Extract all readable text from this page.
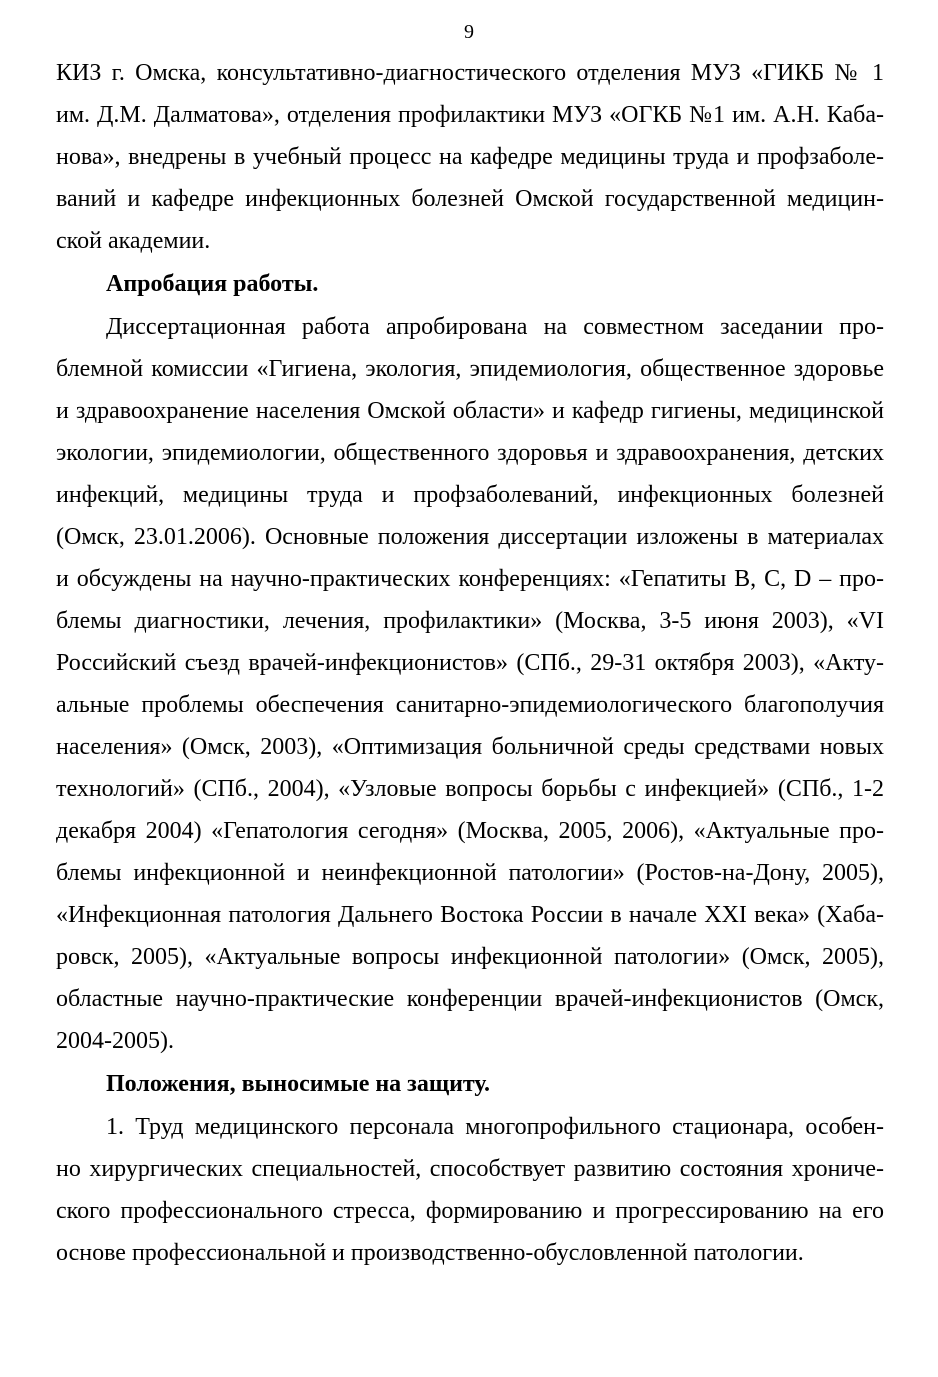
9
КИЗ г. Омска, консультативно-диагностического отделения МУЗ «ГИКБ № 1
им. Д.М. Далматова», отделения профилактики МУЗ «ОГКБ №1 им. А.Н. Каба-
нова», внедрены в учебный процесс на кафедре медицины труда и профзаболе-
ваний и кафедре инфекционных болезней Омской государственной медицин-
ской академии.
Апробация работы.
Диссертационная работа апробирована на совместном заседании про-
блемной комиссии «Гигиена, экология, эпидемиология, общественное здоровье
и здравоохранение населения Омской области» и кафедр гигиены, медицинской
экологии, эпидемиологии, общественного здоровья и здравоохранения, детских
инфекций, медицины труда и профзаболеваний, инфекционных болезней
(Омск, 23.01.2006). Основные положения диссертации изложены в материалах
и обсуждены на научно-практических конференциях: «Гепатиты B, C, D – про-
блемы диагностики, лечения, профилактики» (Москва, 3-5 июня 2003), «VI
Российский съезд врачей-инфекционистов» (СПб., 29-31 октября 2003), «Акту-
альные проблемы обеспечения санитарно-эпидемиологического благополучия
населения» (Омск, 2003), «Оптимизация больничной среды средствами новых
технологий» (СПб., 2004), «Узловые вопросы борьбы с инфекцией» (СПб., 1-2
декабря 2004) «Гепатология сегодня» (Москва, 2005, 2006), «Актуальные про-
блемы инфекционной и неинфекционной патологии» (Ростов-на-Дону, 2005),
«Инфекционная патология Дальнего Востока России в начале XXI века» (Хаба-
ровск, 2005), «Актуальные вопросы инфекционной патологии» (Омск, 2005),
областные научно-практические конференции врачей-инфекционистов (Омск,
2004-2005).
Положения, выносимые на защиту.
1. Труд медицинского персонала многопрофильного стационара, особен-
но хирургических специальностей, способствует развитию состояния хрониче-
ского профессионального стресса, формированию и прогрессированию на его
основе профессиональной и производственно-обусловленной патологии.
